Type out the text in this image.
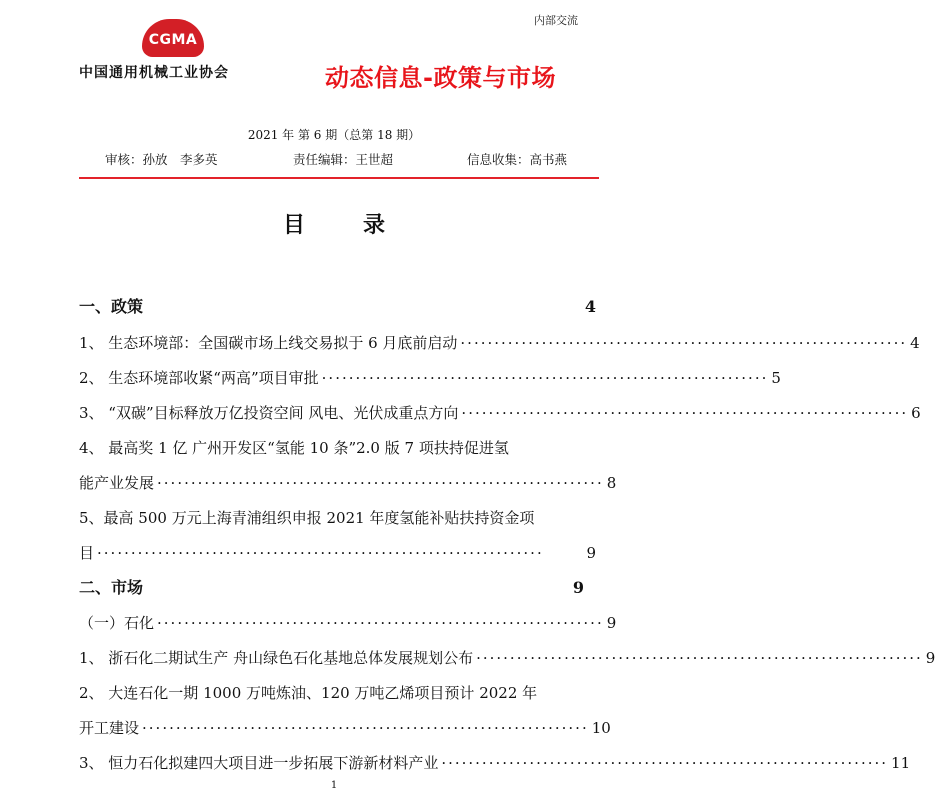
内部交流
CGMA
中国通用机械工业协会	动态信息-政策与市场
2021 年 第 6 期（总第 18 期）
审核：孙放　李多英	责任编辑：王世超	信息收集：高书燕
目　录
一、政策	4
1、 生态环境部：全国碳市场上线交易拟于 6 月底前启动 ·································································· 4
2、 生态环境部收紧“两高”项目审批 ·································································· 5
3、 “双碳”目标释放万亿投资空间 风电、光伏成重点方向 ·································································· 6
4、 最高奖 1 亿 广州开发区“氢能 10 条”2.0 版 7 项扶持促进氢
能产业发展 ·································································· 8
5、最高 500 万元上海青浦组织申报 2021 年度氢能补贴扶持资金项
目 ··································································	9
二、市场	9
（一）石化 ·································································· 9
1、 浙石化二期试生产 舟山绿色石化基地总体发展规划公布 ·································································· 9
2、 大连石化一期 1000 万吨炼油、120 万吨乙烯项目预计 2022 年
开工建设 ·································································· 10
3、 恒力石化拟建四大项目进一步拓展下游新材料产业 ·································································· 11
1
